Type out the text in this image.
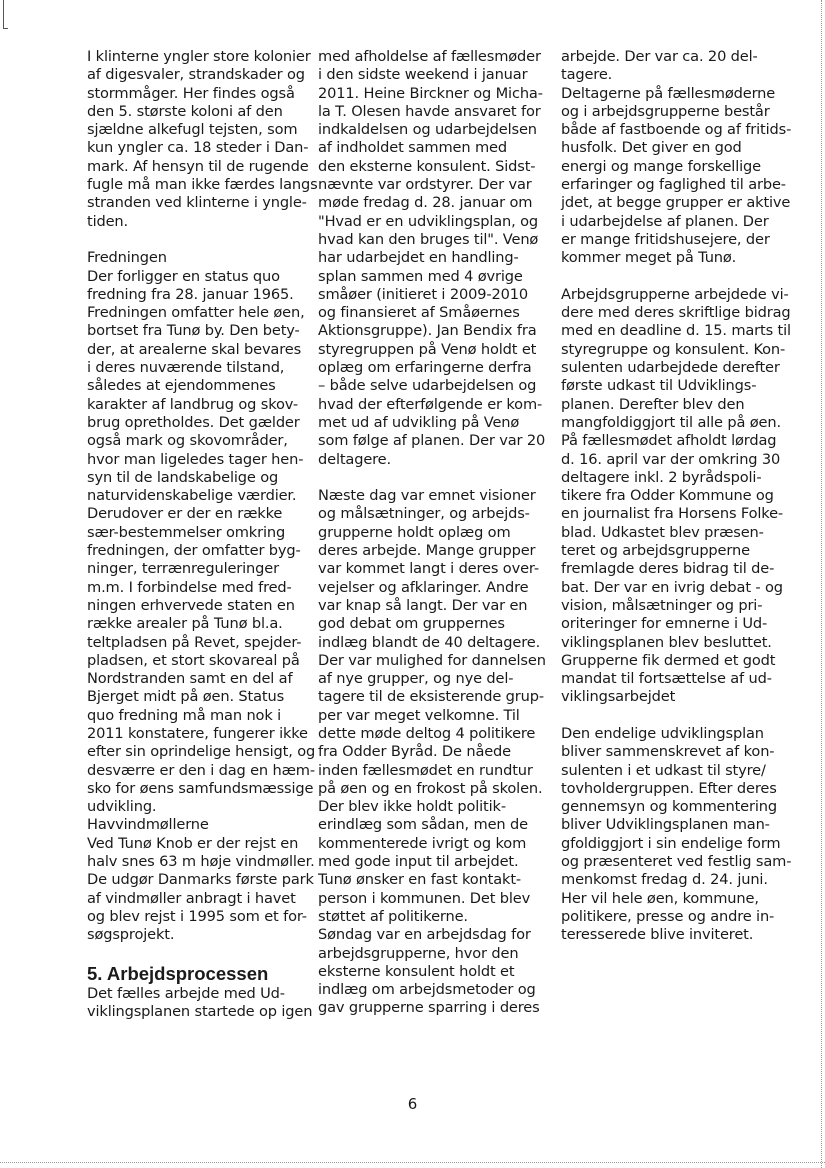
I klinterne yngler store kolonier
af digesvaler, strandskader og
stormmåger. Her findes også
den 5. største koloni af den
sjældne alkefugl tejsten, som
kun yngler ca. 18 steder i Dan-
mark. Af hensyn til de rugende
fugle må man ikke færdes langs
stranden ved klinterne i yngle-
tiden.
Fredningen
Der forligger en status quo
fredning fra 28. januar 1965.
Fredningen omfatter hele øen,
bortset fra Tunø by. Den bety-
der, at arealerne skal bevares
i deres nuværende tilstand,
således at ejendommenes
karakter af landbrug og skov-
brug opretholdes. Det gælder
også mark og skovområder,
hvor man ligeledes tager hen-
syn til de landskabelige og
naturvidenskabelige værdier.
Derudover er der en række
sær-bestemmelser omkring
fredningen, der omfatter byg-
ninger, terrænreguleringer
m.m. I forbindelse med fred-
ningen erhvervede staten en
række arealer på Tunø bl.a.
teltpladsen på Revet, spejder-
pladsen, et stort skovareal på
Nordstranden samt en del af
Bjerget midt på øen. Status
quo fredning må man nok i
2011 konstatere, fungerer ikke
efter sin oprindelige hensigt, og
desværre er den i dag en hæm-
sko for øens samfundsmæssige
udvikling.
Havvindmøllerne
Ved Tunø Knob er der rejst en
halv snes 63 m høje vindmøller.
De udgør Danmarks første park
af vindmøller anbragt i havet
og blev rejst i 1995 som et for-
søgsprojekt.
5. Arbejdsprocessen
Det fælles arbejde med Ud-
viklingsplanen startede op igen
med afholdelse af fællesmøder
i den sidste weekend i januar
2011. Heine Birckner og Micha-
la T. Olesen havde ansvaret for
indkaldelsen og udarbejdelsen
af indholdet sammen med
den eksterne konsulent. Sidst-
nævnte var ordstyrer. Der var
møde fredag d. 28. januar om
"Hvad er en udviklingsplan, og
hvad kan den bruges til". Venø
har udarbejdet en handling-
splan sammen med 4 øvrige
småøer (initieret i 2009-2010
og finansieret af Småøernes
Aktionsgruppe). Jan Bendix fra
styregruppen på Venø holdt et
oplæg om erfaringerne derfra
– både selve udarbejdelsen og
hvad der efterfølgende er kom-
met ud af udvikling på Venø
som følge af planen. Der var 20
deltagere.
Næste dag var emnet visioner
og målsætninger, og arbejds-
grupperne holdt oplæg om
deres arbejde. Mange grupper
var kommet langt i deres over-
vejelser og afklaringer. Andre
var knap så langt. Der var en
god debat om gruppernes
indlæg blandt de 40 deltagere.
Der var mulighed for dannelsen
af nye grupper, og nye del-
tagere til de eksisterende grup-
per var meget velkomne. Til
dette møde deltog 4 politikere
fra Odder Byråd. De nåede
inden fællesmødet en rundtur
på øen og en frokost på skolen.
Der blev ikke holdt politik-
erindlæg som sådan, men de
kommenterede ivrigt og kom
med gode input til arbejdet.
Tunø ønsker en fast kontakt-
person i kommunen. Det blev
støttet af politikerne.
Søndag var en arbejdsdag for
arbejdsgrupperne, hvor den
eksterne konsulent holdt et
indlæg om arbejdsmetoder og
gav grupperne sparring i deres
arbejde. Der var ca. 20 del-
tagere.
Deltagerne på fællesmøderne
og i arbejdsgrupperne består
både af fastboende og af fritids-
husfolk. Det giver en god
energi og mange forskellige
erfaringer og faglighed til arbe-
jdet, at begge grupper er aktive
i udarbejdelse af planen. Der
er mange fritidshusejere, der
kommer meget på Tunø.
Arbejdsgrupperne arbejdede vi-
dere med deres skriftlige bidrag
med en deadline d. 15. marts til
styregruppe og konsulent. Kon-
sulenten udarbejdede derefter
første udkast til Udviklings-
planen. Derefter blev den
mangfoldiggjort til alle på øen.
På fællesmødet afholdt lørdag
d. 16. april var der omkring 30
deltagere inkl. 2 byrådspoli-
tikere fra Odder Kommune og
en journalist fra Horsens Folke-
blad. Udkastet blev præsen-
teret og arbejdsgrupperne
fremlagde deres bidrag til de-
bat. Der var en ivrig debat - og
vision, målsætninger og pri-
oriteringer for emnerne i Ud-
viklingsplanen blev besluttet.
Grupperne fik dermed et godt
mandat til fortsættelse af ud-
viklingsarbejdet
Den endelige udviklingsplan
bliver sammenskrevet af kon-
sulenten i et udkast til styre/
tovholdergruppen. Efter deres
gennemsyn og kommentering
bliver Udviklingsplanen man-
gfoldiggjort i sin endelige form
og præsenteret ved festlig sam-
menkomst fredag d. 24. juni.
Her vil hele øen, kommune,
politikere, presse og andre in-
teresserede blive inviteret.
6
